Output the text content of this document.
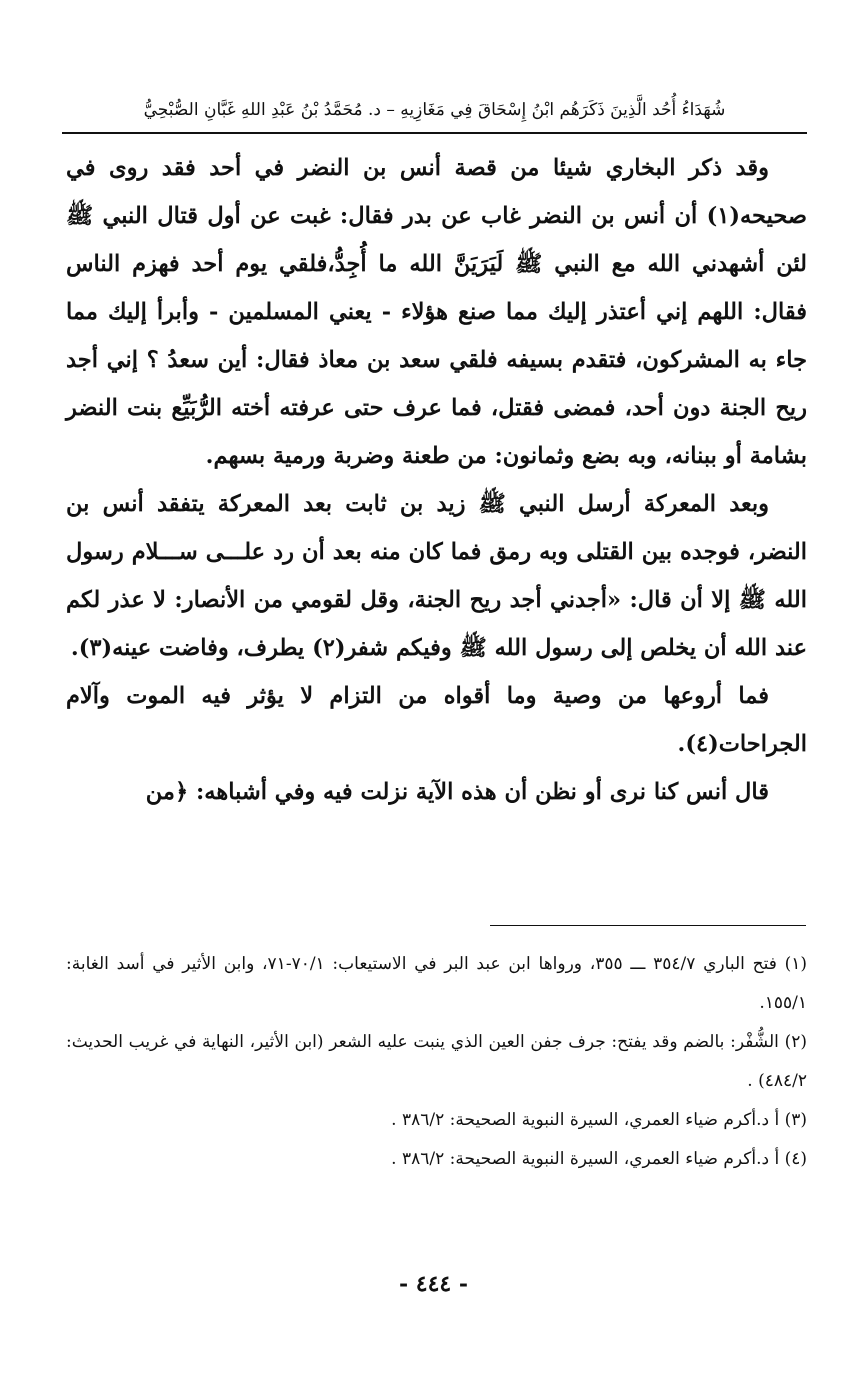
شُهَدَاءُ أُحُد الَّذِينَ ذَكَرَهُم ابْنُ إِسْحَاقَ فِي مَغَازِيهِ – د. مُحَمَّدُ بْنُ عَبْدِ اللهِ غَبَّانِ الصُّبْحِيُّ

وقد ذكر البخاري شيئا من قصة أنس بن النضر في أحد فقد روى في صحيحه(١) أن أنس بن النضر غاب عن بدر فقال: غبت عن أول قتال النبي ﷺ لئن أشهدني الله مع النبي ﷺ لَيَرَيَنَّ الله ما أُجِدُّ،فلقي يوم أحد فهزم الناس فقال: اللهم إني أعتذر إليك مما صنع هؤلاء - يعني المسلمين - وأبرأ إليك مما جاء به المشركون، فتقدم بسيفه فلقي سعد بن معاذ فقال: أين سعدُ ؟ إني أجد ريح الجنة دون أحد، فمضى فقتل، فما عرف حتى عرفته أخته الرُّبَيِّع بنت النضر بشامة أو ببنانه، وبه بضع وثمانون: من طعنة وضربة ورمية بسهم.

وبعد المعركة أرسل النبي ﷺ زيد بن ثابت بعد المعركة يتفقد أنس بن النضر، فوجده بين القتلى وبه رمق فما كان منه بعد أن رد علـــى ســـلام رسول الله ﷺ إلا أن قال: «أجدني أجد ريح الجنة، وقل لقومي من الأنصار: لا عذر لكم عند الله أن يخلص إلى رسول الله ﷺ وفيكم شفر(٢) يطرف، وفاضت عينه(٣).

فما أروعها من وصية وما أقواه من التزام لا يؤثر فيه الموت وآلام الجراحات(٤).

قال أنس كنا نرى أو نظن أن هذه الآية نزلت فيه وفي أشباهه: ﴿من

(١) فتح الباري ٣٥٤/٧ ـــ ٣٥٥، ورواها ابن عبد البر في الاستيعاب: ٧٠/١-٧١، وابن الأثير في أسد الغابة: ١٥٥/١.

(٢) الشُّفْر: بالضم وقد يفتح: جرف جفن العين الذي ينبت عليه الشعر (ابن الأثير، النهاية في غريب الحديث: ٤٨٤/٢) .

(٣) أ د.أكرم ضياء العمري، السيرة النبوية الصحيحة: ٣٨٦/٢ .

(٤) أ د.أكرم ضياء العمري، السيرة النبوية الصحيحة: ٣٨٦/٢ .

- ٤٤٤ -
